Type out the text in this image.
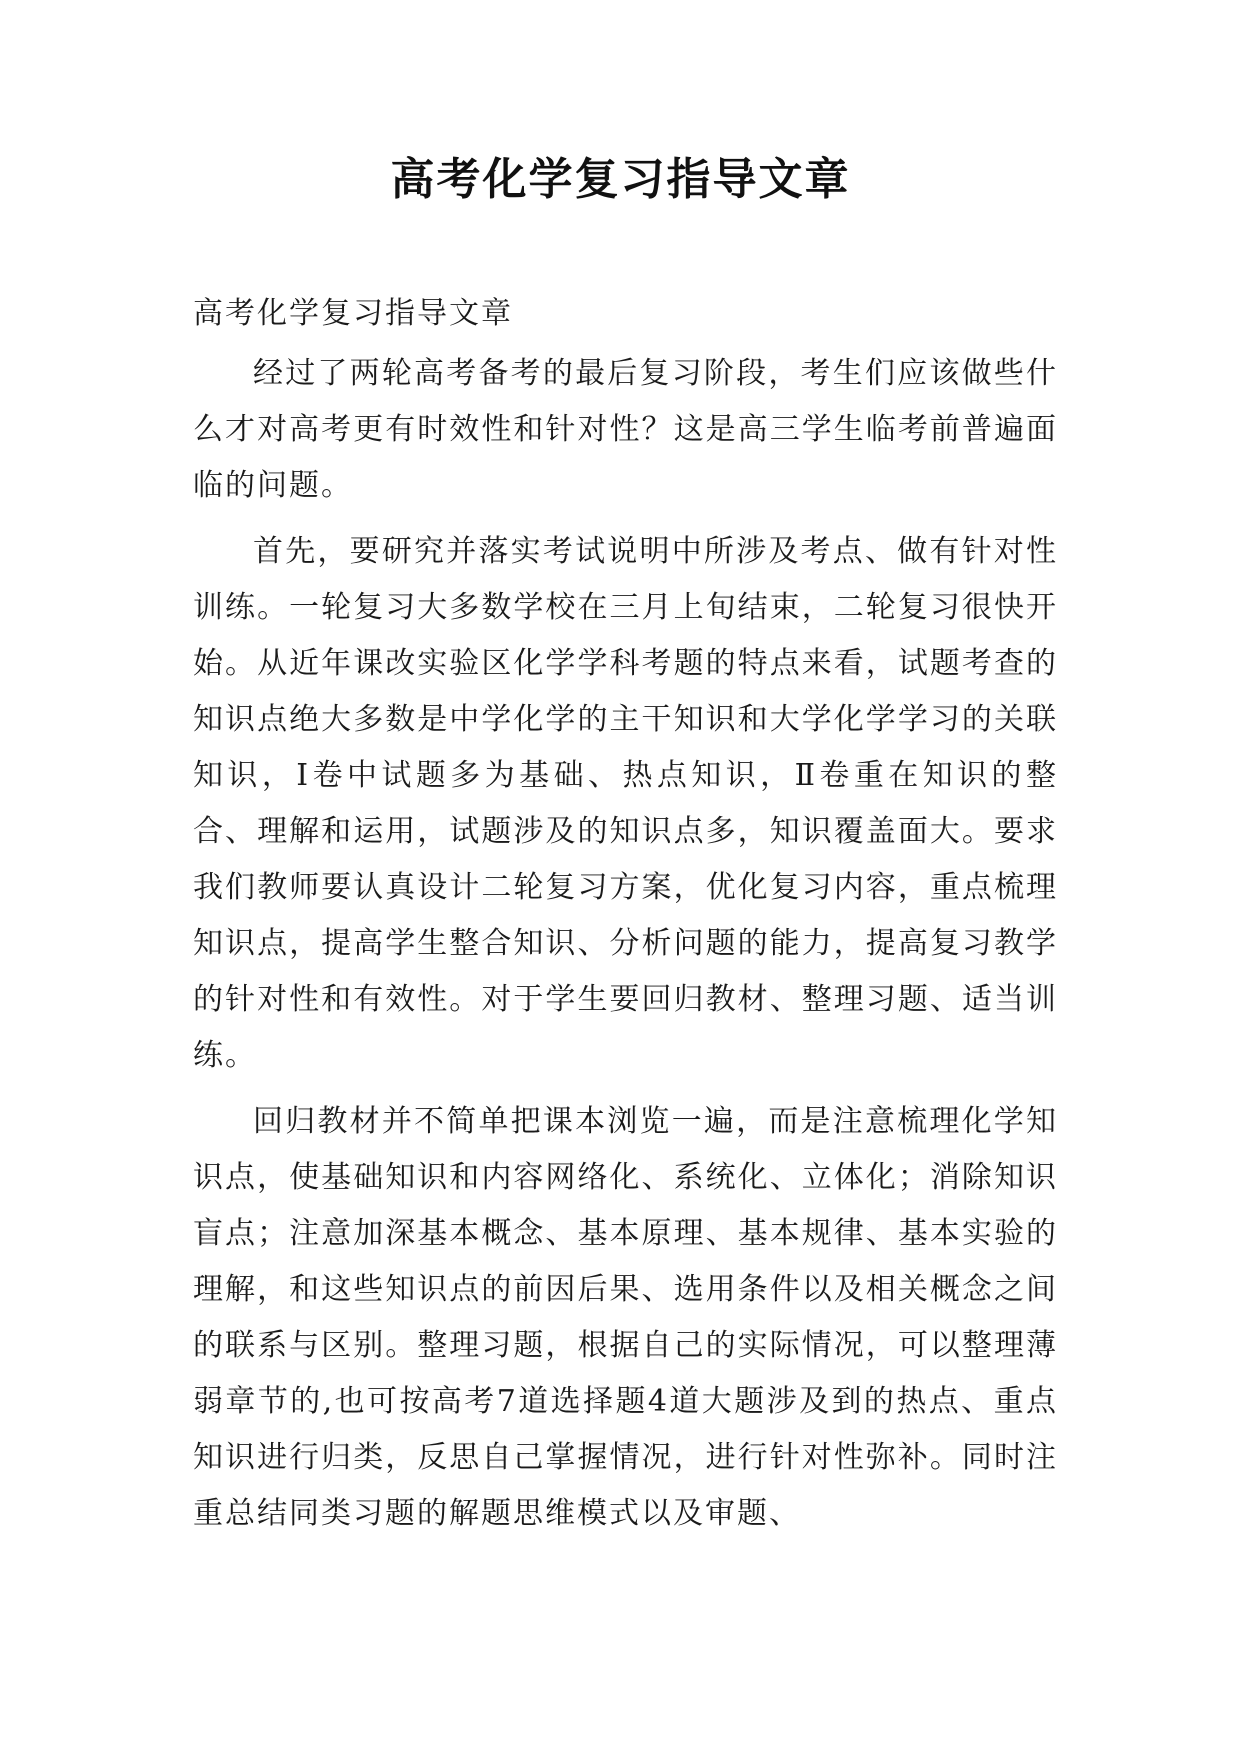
高考化学复习指导文章
高考化学复习指导文章

经过了两轮高考备考的最后复习阶段，考生们应该做些什么才对高考更有时效性和针对性？这是高三学生临考前普遍面临的问题。

首先，要研究并落实考试说明中所涉及考点、做有针对性训练。一轮复习大多数学校在三月上旬结束，二轮复习很快开始。从近年课改实验区化学学科考题的特点来看，试题考查的知识点绝大多数是中学化学的主干知识和大学化学学习的关联知识，Ⅰ卷中试题多为基础、热点知识，Ⅱ卷重在知识的整合、理解和运用，试题涉及的知识点多，知识覆盖面大。要求我们教师要认真设计二轮复习方案，优化复习内容，重点梳理知识点，提高学生整合知识、分析问题的能力，提高复习教学的针对性和有效性。对于学生要回归教材、整理习题、适当训练。

回归教材并不简单把课本浏览一遍，而是注意梳理化学知识点，使基础知识和内容网络化、系统化、立体化；消除知识盲点；注意加深基本概念、基本原理、基本规律、基本实验的理解，和这些知识点的前因后果、选用条件以及相关概念之间的联系与区别。整理习题，根据自己的实际情况，可以整理薄弱章节的,也可按高考7道选择题4道大题涉及到的热点、重点知识进行归类，反思自己掌握情况，进行针对性弥补。同时注重总结同类习题的解题思维模式以及审题、
